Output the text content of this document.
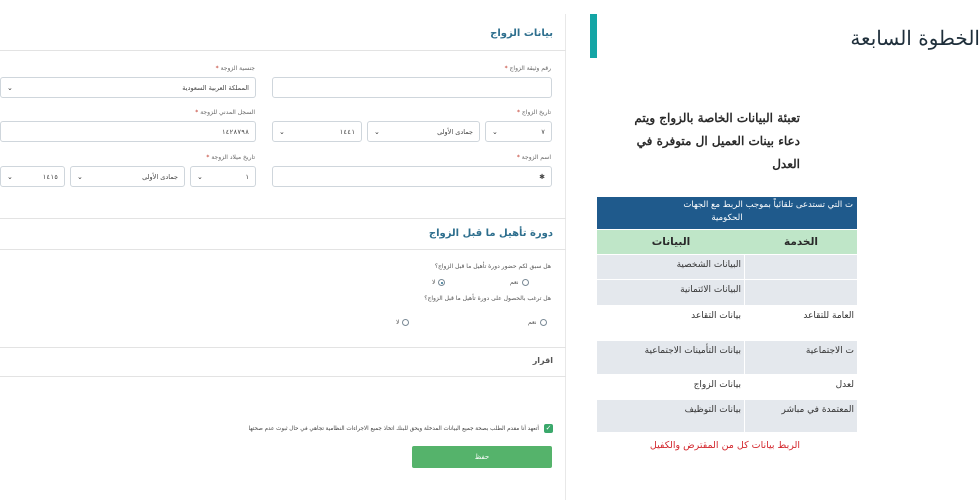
بيانات الزواج
رقم وثيقة الزواج *
جنسية الزوجة *
المملكة العربية السعودية
⌄
تاريخ الزواج *
٧
⌄
جمادى الأولى
⌄
١٤٤١
⌄
السجل المدني للزوجة *
١٤٢٨٧٩٨
اسم الزوجة *
✱
تاريخ ميلاد الزوجة *
١
⌄
جمادى الأولى
⌄
١٤١٥
⌄
دورة تأهيل ما قبل الزواج
هل سبق لكم حضور دورة تأهيل ما قبل الزواج؟
نعم
لا
هل ترغب بالحصول على دورة تأهيل ما قبل الزواج؟
نعم
لا
اقرار
✓
أتعهد أنا مقدم الطلب بصحة جميع البيانات المدخلة ويحق للبنك اتخاذ جميع الاجراءات النظامية تجاهي في حال ثبوت عدم صحتها
حفظ
الخطوة السابعة
تعبئة البيانات الخاصة بالزواج ويتم
دعاء بينات العميل ال متوفرة في
العدل
ت التي تستدعى تلقائياً بموجب الربط مع الجهات
الحكومية
الخدمة
البيانات
البيانات الشخصية
البيانات الائتمانية
العامة للتقاعد
بيانات التقاعد
ت الاجتماعية
بيانات التأمينات الاجتماعية
لعدل
بيانات الزواج
المعتمدة في مباشر
بيانات التوظيف
الربط بيانات كل من المقترض والكفيل
